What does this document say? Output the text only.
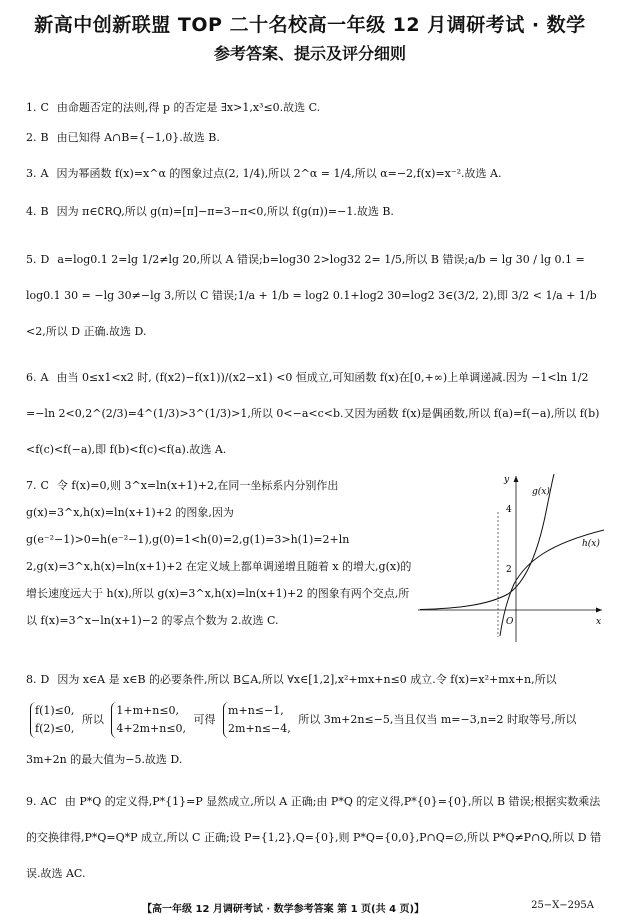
新高中创新联盟 TOP 二十名校高一年级 12 月调研考试 · 数学
参考答案、提示及评分细则
1. C 由命题否定的法则,得 p 的否定是 ∃x>1,x³≤0.故选 C.
2. B 由已知得 A∩B={−1,0}.故选 B.
3. A 因为幂函数 f(x)=x^α 的图象过点(2, 1/4),所以 2^α = 1/4,所以 α=−2,f(x)=x⁻².故选 A.
4. B 因为 π∈∁RQ,所以 g(π)=[π]−π=3−π<0,所以 f(g(π))=−1.故选 B.
5. D a=log0.1 2=lg 1/2≠lg 20,所以 A 错误;b=log30 2>log32 2= 1/5,所以 B 错误;a/b = lg 30 / lg 0.1 = log0.1 30 = −lg 30≠−lg 3,所以 C 错误;1/a + 1/b = log2 0.1+log2 30=log2 3∈(3/2, 2),即 3/2 < 1/a + 1/b <2,所以 D 正确.故选 D.
6. A 由当 0≤x1<x2 时, (f(x2)−f(x1))/(x2−x1) <0 恒成立,可知函数 f(x)在[0,+∞)上单调递减.因为 −1<ln 1/2 =−ln 2<0,2^(2/3)=4^(1/3)>3^(1/3)>1,所以 0<−a<c<b.又因为函数 f(x)是偶函数,所以 f(a)=f(−a),所以 f(b)<f(c)<f(−a),即 f(b)<f(c)<f(a).故选 A.
7. C 令 f(x)=0,则 3^x=ln(x+1)+2,在同一坐标系内分别作出 g(x)=3^x,h(x)=ln(x+1)+2 的图象,因为 g(e⁻²−1)>0=h(e⁻²−1),g(0)=1<h(0)=2,g(1)=3>h(1)=2+ln 2,g(x)=3^x,h(x)=ln(x+1)+2 在定义域上都单调递增且随着 x 的增大,g(x)的增长速度远大于 h(x),所以 g(x)=3^x,h(x)=ln(x+1)+2 的图象有两个交点,所以 f(x)=3^x−ln(x+1)−2 的零点个数为 2.故选 C.
y
x
O
4
2
g(x)
h(x)
8. D 因为 x∈A 是 x∈B 的必要条件,所以 B⊆A,所以 ∀x∈[1,2],x²+mx+n≤0 成立.令 f(x)=x²+mx+n,所以 f(1)≤0,
f(2)≤0, 所以 1+m+n≤0,
4+2m+n≤0, 可得 m+n≤−1,
2m+n≤−4, 所以 3m+2n≤−5,当且仅当 m=−3,n=2 时取等号,所以 3m+2n 的最大值为−5.故选 D.
9. AC 由 P*Q 的定义得,P*{1}=P 显然成立,所以 A 正确;由 P*Q 的定义得,P*{0}={0},所以 B 错误;根据实数乘法的交换律得,P*Q=Q*P 成立,所以 C 正确;设 P={1,2},Q={0},则 P*Q={0,0},P∩Q=∅,所以 P*Q≠P∩Q,所以 D 错误.故选 AC.
【高一年级 12 月调研考试 · 数学参考答案 第 1 页(共 4 页)】	25−X−295A
